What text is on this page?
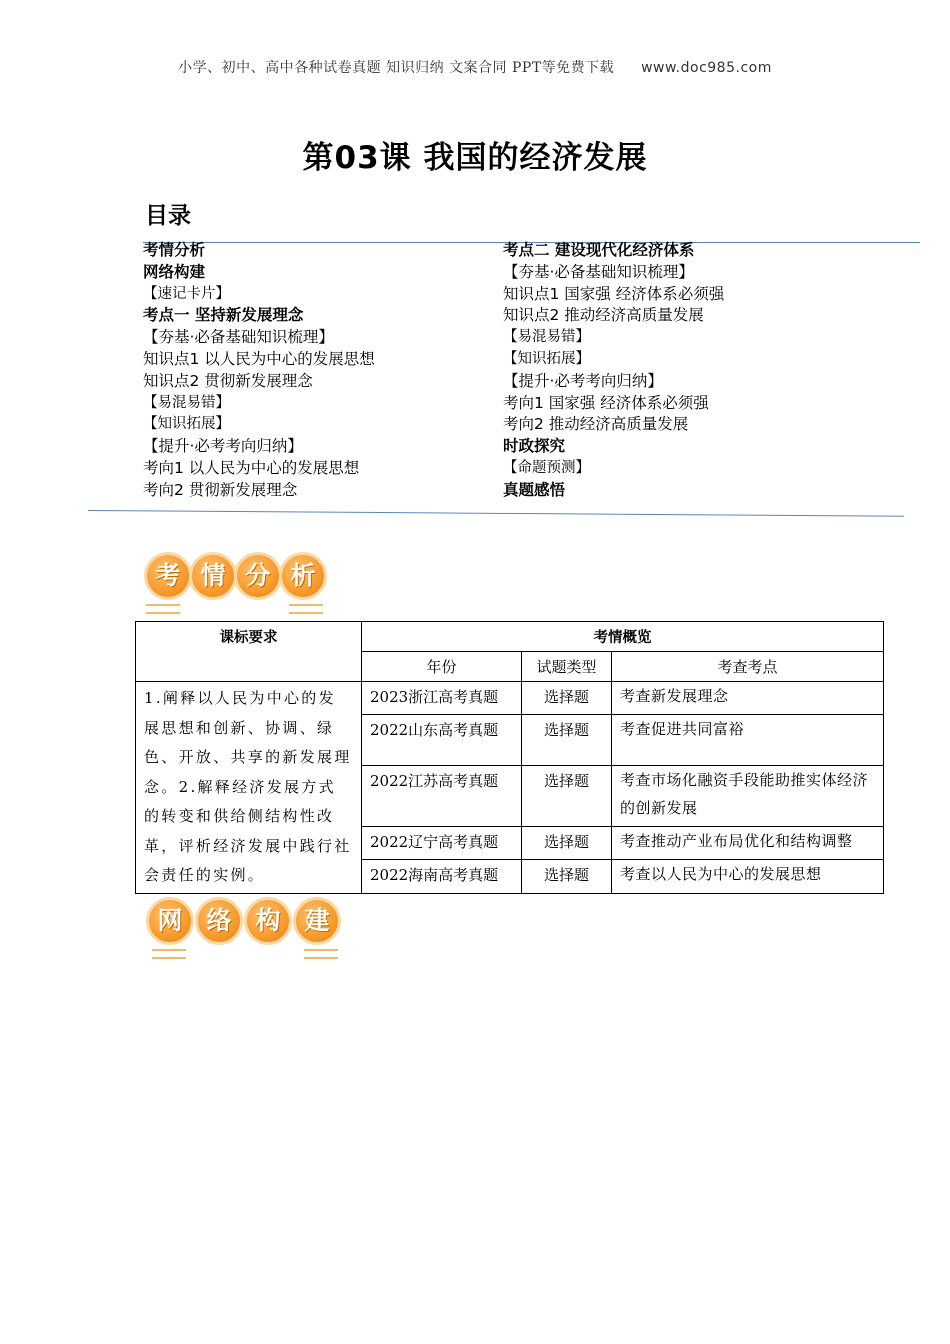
小学、初中、高中各种试卷真题 知识归纳 文案合同 PPT等免费下载 www.doc985.com
第03课 我国的经济发展
目录
考情分析
网络构建
【速记卡片】
考点一 坚持新发展理念
【夯基·必备基础知识梳理】
知识点1 以人民为中心的发展思想
知识点2 贯彻新发展理念
【易混易错】
【知识拓展】
【提升·必考考向归纳】
考向1 以人民为中心的发展思想
考向2 贯彻新发展理念
考点二 建设现代化经济体系
【夯基·必备基础知识梳理】
知识点1 国家强 经济体系必须强
知识点2 推动经济高质量发展
【易混易错】
【知识拓展】
【提升·必考考向归纳】
考向1 国家强 经济体系必须强
考向2 推动经济高质量发展
时政探究
【命题预测】
真题感悟
考 情 分 析
课标要求	考情概览		
	年份	试题类型	考查考点
1.阐释以人民为中心的发展思想和创新、协调、绿色、开放、共享的新发展理念。2.解释经济发展方式的转变和供给侧结构性改革，评析经济发展中践行社会责任的实例。	2023浙江高考真题	选择题	考查新发展理念
	2022山东高考真题	选择题	考查促进共同富裕
	2022江苏高考真题	选择题	考查市场化融资手段能助推实体经济的创新发展
	2022辽宁高考真题	选择题	考查推动产业布局优化和结构调整
	2022海南高考真题	选择题	考查以人民为中心的发展思想
网 络 构 建
